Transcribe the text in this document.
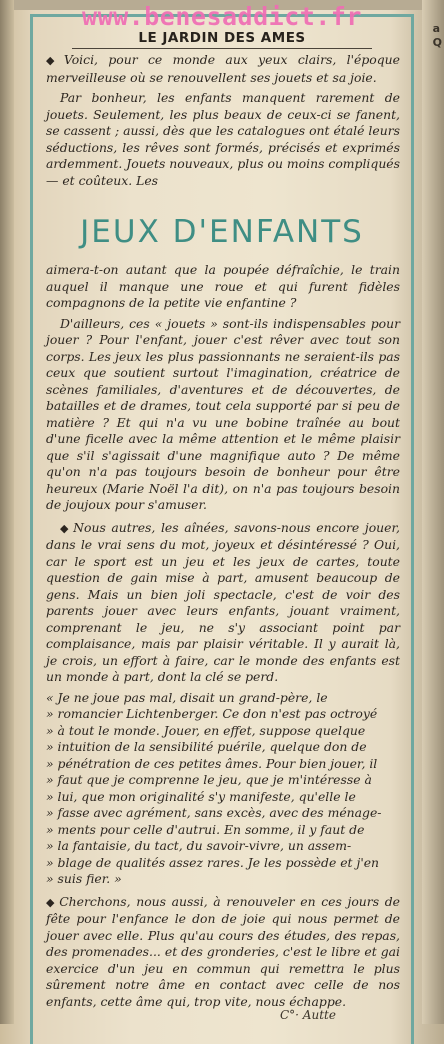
a
Q
LE JARDIN DES AMES

◆ Voici, pour ce monde aux yeux clairs, l'époque merveilleuse où se renouvellent ses jouets et sa joie.

Par bonheur, les enfants manquent rarement de jouets. Seulement, les plus beaux de ceux-ci se fanent, se cassent ; aussi, dès que les catalogues ont étalé leurs séductions, les rêves sont formés, précisés et exprimés ardemment. Jouets nouveaux, plus ou moins compliqués — et coûteux. Les

JEUX D'ENFANTS

aimera-t-on autant que la poupée défraîchie, le train auquel il manque une roue et qui furent fidèles compagnons de la petite vie enfantine ?

D'ailleurs, ces « jouets » sont-ils indispensables pour jouer ? Pour l'enfant, jouer c'est rêver avec tout son corps. Les jeux les plus passionnants ne seraient-ils pas ceux que soutient surtout l'imagination, créatrice de scènes familiales, d'aventures et de découvertes, de batailles et de drames, tout cela supporté par si peu de matière ? Et qui n'a vu une bobine traînée au bout d'une ficelle avec la même attention et le même plaisir que s'il s'agissait d'une magnifique auto ? De même qu'on n'a pas toujours besoin de bonheur pour être heureux (Marie Noël l'a dit), on n'a pas toujours besoin de joujoux pour s'amuser.

◆ Nous autres, les aînées, savons-nous encore jouer, dans le vrai sens du mot, joyeux et désintéressé ? Oui, car le sport est un jeu et les jeux de cartes, toute question de gain mise à part, amusent beaucoup de gens. Mais un bien joli spectacle, c'est de voir des parents jouer avec leurs enfants, jouant vraiment, comprenant le jeu, ne s'y associant point par complaisance, mais par plaisir véritable. Il y aurait là, je crois, un effort à faire, car le monde des enfants est un monde à part, dont la clé se perd.

« Je ne joue pas mal, disait un grand-père, le

» romancier Lichtenberger. Ce don n'est pas octroyé

» à tout le monde. Jouer, en effet, suppose quelque

» intuition de la sensibilité puérile, quelque don de

» pénétration de ces petites âmes. Pour bien jouer, il

» faut que je comprenne le jeu, que je m'intéresse à

» lui, que mon originalité s'y manifeste, qu'elle le

» fasse avec agrément, sans excès, avec des ménage-

» ments pour celle d'autrui. En somme, il y faut de

» la fantaisie, du tact, du savoir-vivre, un assem-

» blage de qualités assez rares. Je les possède et j'en

» suis fier. »

◆ Cherchons, nous aussi, à renouveler en ces jours de fête pour l'enfance le don de joie qui nous permet de jouer avec elle. Plus qu'au cours des études, des repas, des promenades... et des gronderies, c'est le libre et gai exercice d'un jeu en commun qui remettra le plus sûrement notre âme en contact avec celle de nos enfants, cette âme qui, trop vite, nous échappe.

C°· Autte
www.benesaddict.fr
